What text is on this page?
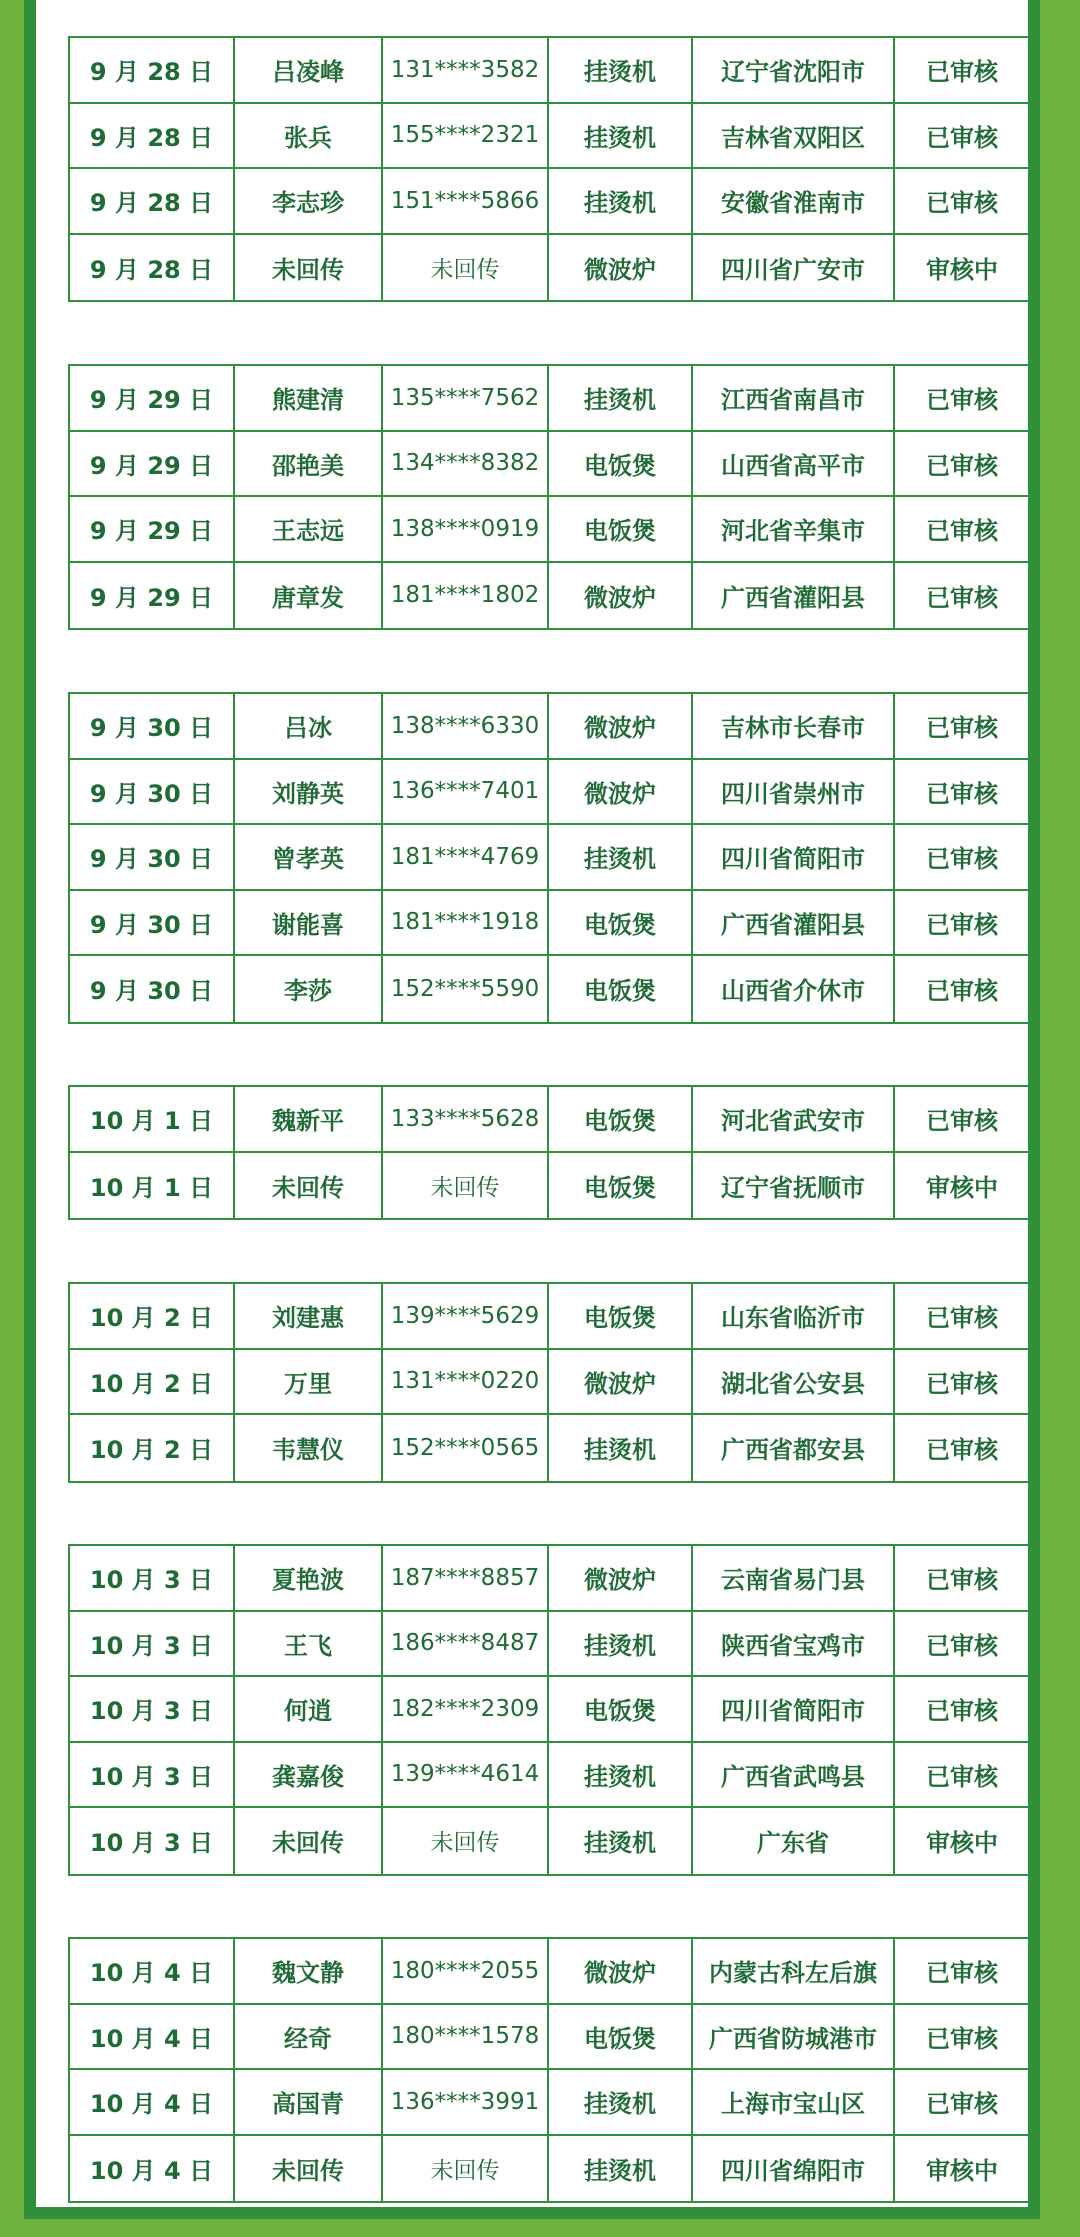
9 月 28 日	吕凌峰	131****3582	挂烫机	辽宁省沈阳市	已审核
9 月 28 日	张兵	155****2321	挂烫机	吉林省双阳区	已审核
9 月 28 日	李志珍	151****5866	挂烫机	安徽省淮南市	已审核
9 月 28 日	未回传	未回传	微波炉	四川省广安市	审核中
9 月 29 日	熊建清	135****7562	挂烫机	江西省南昌市	已审核
9 月 29 日	邵艳美	134****8382	电饭煲	山西省高平市	已审核
9 月 29 日	王志远	138****0919	电饭煲	河北省辛集市	已审核
9 月 29 日	唐章发	181****1802	微波炉	广西省灌阳县	已审核
9 月 30 日	吕冰	138****6330	微波炉	吉林市长春市	已审核
9 月 30 日	刘静英	136****7401	微波炉	四川省崇州市	已审核
9 月 30 日	曾孝英	181****4769	挂烫机	四川省简阳市	已审核
9 月 30 日	谢能喜	181****1918	电饭煲	广西省灌阳县	已审核
9 月 30 日	李莎	152****5590	电饭煲	山西省介休市	已审核
10 月 1 日	魏新平	133****5628	电饭煲	河北省武安市	已审核
10 月 1 日	未回传	未回传	电饭煲	辽宁省抚顺市	审核中
10 月 2 日	刘建惠	139****5629	电饭煲	山东省临沂市	已审核
10 月 2 日	万里	131****0220	微波炉	湖北省公安县	已审核
10 月 2 日	韦慧仪	152****0565	挂烫机	广西省都安县	已审核
10 月 3 日	夏艳波	187****8857	微波炉	云南省易门县	已审核
10 月 3 日	王飞	186****8487	挂烫机	陕西省宝鸡市	已审核
10 月 3 日	何逍	182****2309	电饭煲	四川省简阳市	已审核
10 月 3 日	龚嘉俊	139****4614	挂烫机	广西省武鸣县	已审核
10 月 3 日	未回传	未回传	挂烫机	广东省	审核中
10 月 4 日	魏文静	180****2055	微波炉	内蒙古科左后旗	已审核
10 月 4 日	经奇	180****1578	电饭煲	广西省防城港市	已审核
10 月 4 日	高国青	136****3991	挂烫机	上海市宝山区	已审核
10 月 4 日	未回传	未回传	挂烫机	四川省绵阳市	审核中
